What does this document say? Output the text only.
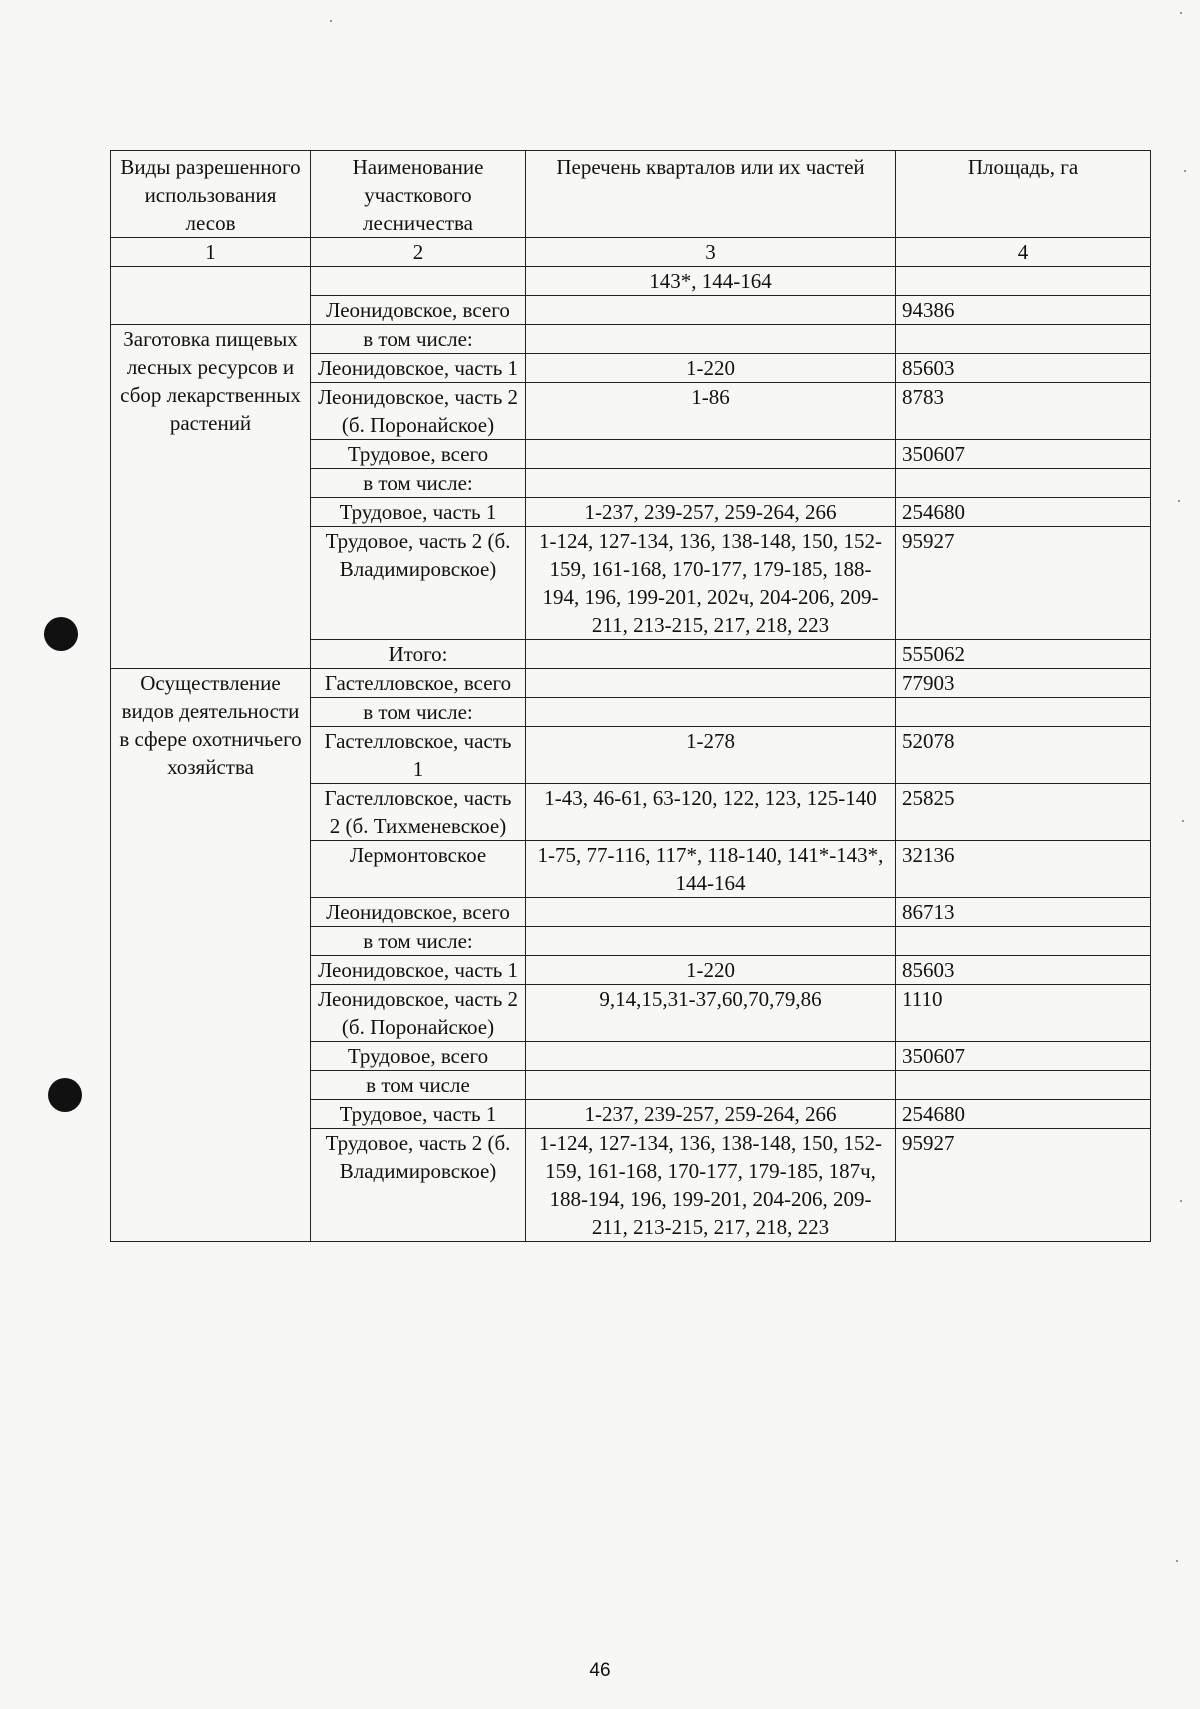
Виды разрешенного использования лесов	Наименование участкового лесничества	Перечень кварталов или их частей	Площадь, га
1	2	3	4
		143*, 144-164	
	Леонидовское, всего		94386
Заготовка пищевых лесных ресурсов и сбор лекарственных растений	в том числе:		
	Леонидовское, часть 1	1-220	85603
	Леонидовское, часть 2 (б. Поронайское)	1-86	8783
	Трудовое, всего		350607
	в том числе:		
	Трудовое, часть 1	1-237, 239-257, 259-264, 266	254680
	Трудовое, часть 2 (б. Владимировское)	1-124, 127-134, 136, 138-148, 150, 152-159, 161-168, 170-177, 179-185, 188-194, 196, 199-201, 202ч, 204-206, 209-211, 213-215, 217, 218, 223	95927
	Итого:		555062
Осуществление видов деятельности в сфере охотничьего хозяйства	Гастелловское, всего		77903
	в том числе:		
	Гастелловское, часть 1	1-278	52078
	Гастелловское, часть 2 (б. Тихменевское)	1-43, 46-61, 63-120, 122, 123, 125-140	25825
	Лермонтовское	1-75, 77-116, 117*, 118-140, 141*-143*, 144-164	32136
	Леонидовское, всего		86713
	в том числе:		
	Леонидовское, часть 1	1-220	85603
	Леонидовское, часть 2 (б. Поронайское)	9,14,15,31-37,60,70,79,86	1110
	Трудовое, всего		350607
	в том числе		
	Трудовое, часть 1	1-237, 239-257, 259-264, 266	254680
	Трудовое, часть 2 (б. Владимировское)	1-124, 127-134, 136, 138-148, 150, 152-159, 161-168, 170-177, 179-185, 187ч, 188-194, 196, 199-201, 204-206, 209-211, 213-215, 217, 218, 223	95927
46
